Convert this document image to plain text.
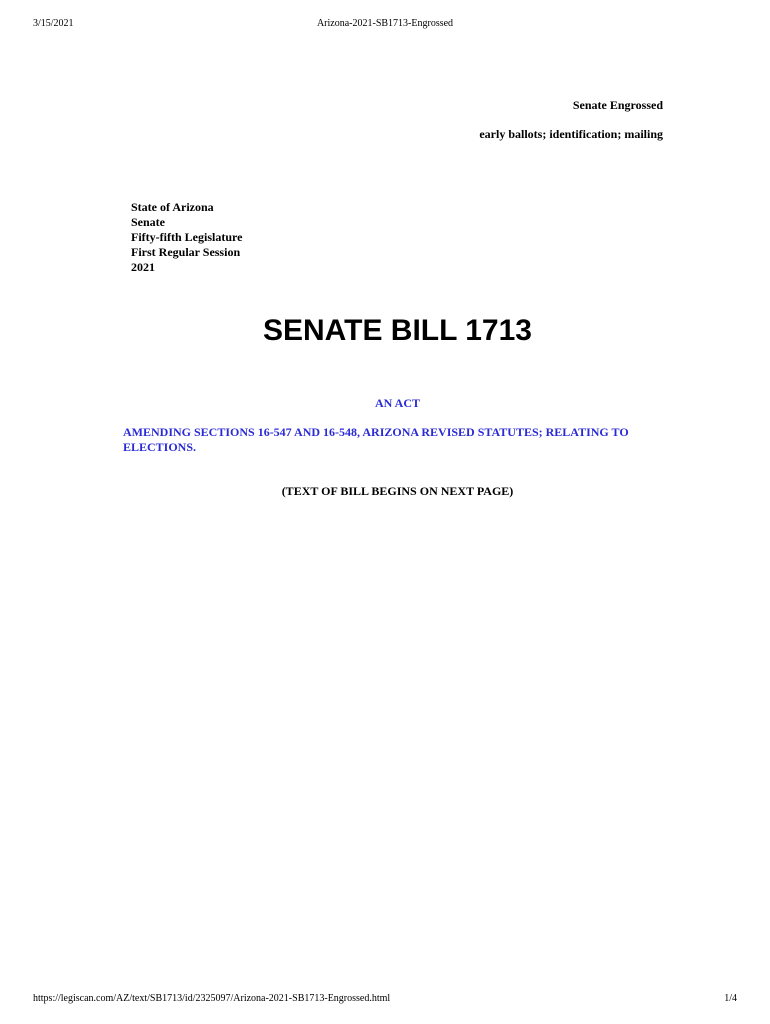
3/15/2021	Arizona-2021-SB1713-Engrossed
Senate Engrossed
early ballots; identification; mailing
State of Arizona
Senate
Fifty-fifth Legislature
First Regular Session
2021
SENATE BILL 1713
AN ACT
AMENDING SECTIONS 16-547 AND 16-548, ARIZONA REVISED STATUTES; RELATING TO ELECTIONS.
(TEXT OF BILL BEGINS ON NEXT PAGE)
https://legiscan.com/AZ/text/SB1713/id/2325097/Arizona-2021-SB1713-Engrossed.html	1/4
